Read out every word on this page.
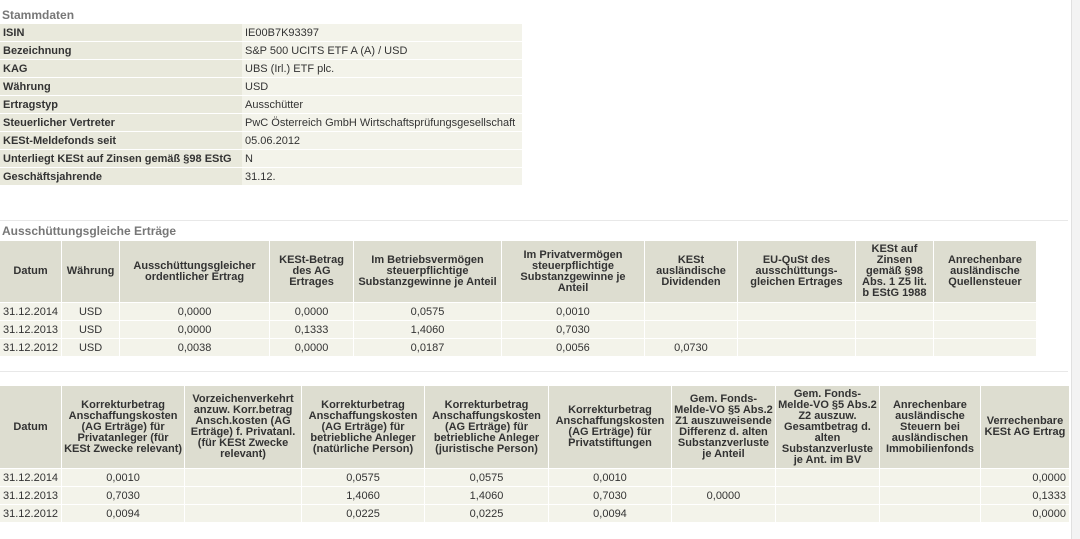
Stammdaten
ISIN	IE00B7K93397
Bezeichnung	S&P 500 UCITS ETF A (A) / USD
KAG	UBS (Irl.) ETF plc.
Währung	USD
Ertragstyp	Ausschütter
Steuerlicher Vertreter	PwC Österreich GmbH Wirtschaftsprüfungsgesellschaft
KESt-Meldefonds seit	05.06.2012
Unterliegt KESt auf Zinsen gemäß §98 EStG	N
Geschäftsjahrende	31.12.
Ausschüttungsgleiche Erträge
Datum	Währung	Ausschüttungsgleicher ordentlicher Ertrag	KESt-Betrag des AG Ertrages	Im Betriebsvermögen steuerpflichtige Substanzgewinne je Anteil	Im Privatvermögen steuerpflichtige Substanzgewinne je Anteil	KESt ausländische Dividenden	EU-QuSt des ausschüttungs-gleichen Ertrages	KESt auf Zinsen gemäß §98 Abs. 1 Z5 lit. b EStG 1988	Anrechenbare ausländische Quellensteuer
31.12.2014	USD	0,0000	0,0000	0,0575	0,0010				
31.12.2013	USD	0,0000	0,1333	1,4060	0,7030				
31.12.2012	USD	0,0038	0,0000	0,0187	0,0056	0,0730			
Datum	Korrekturbetrag Anschaffungskosten (AG Erträge) für Privatanleger (für KESt Zwecke relevant)	Vorzeichenverkehrt anzuw. Korr.betrag Ansch.kosten (AG Erträge) f. Privatanl. (für KESt Zwecke relevant)	Korrekturbetrag Anschaffungskosten (AG Erträge) für betriebliche Anleger (natürliche Person)	Korrekturbetrag Anschaffungskosten (AG Erträge) für betriebliche Anleger (juristische Person)	Korrekturbetrag Anschaffungskosten (AG Erträge) für Privatstiftungen	Gem. Fonds-Melde-VO §5 Abs.2 Z1 auszuweisende Differenz d. alten Substanzverluste je Anteil	Gem. Fonds-Melde-VO §5 Abs.2 Z2 auszuw. Gesamtbetrag d. alten Substanzverluste je Ant. im BV	Anrechenbare ausländische Steuern bei ausländischen Immobilienfonds	Verrechenbare KESt AG Ertrag
31.12.2014	0,0010		0,0575	0,0575	0,0010				0,0000
31.12.2013	0,7030		1,4060	1,4060	0,7030	0,0000			0,1333
31.12.2012	0,0094		0,0225	0,0225	0,0094				0,0000
